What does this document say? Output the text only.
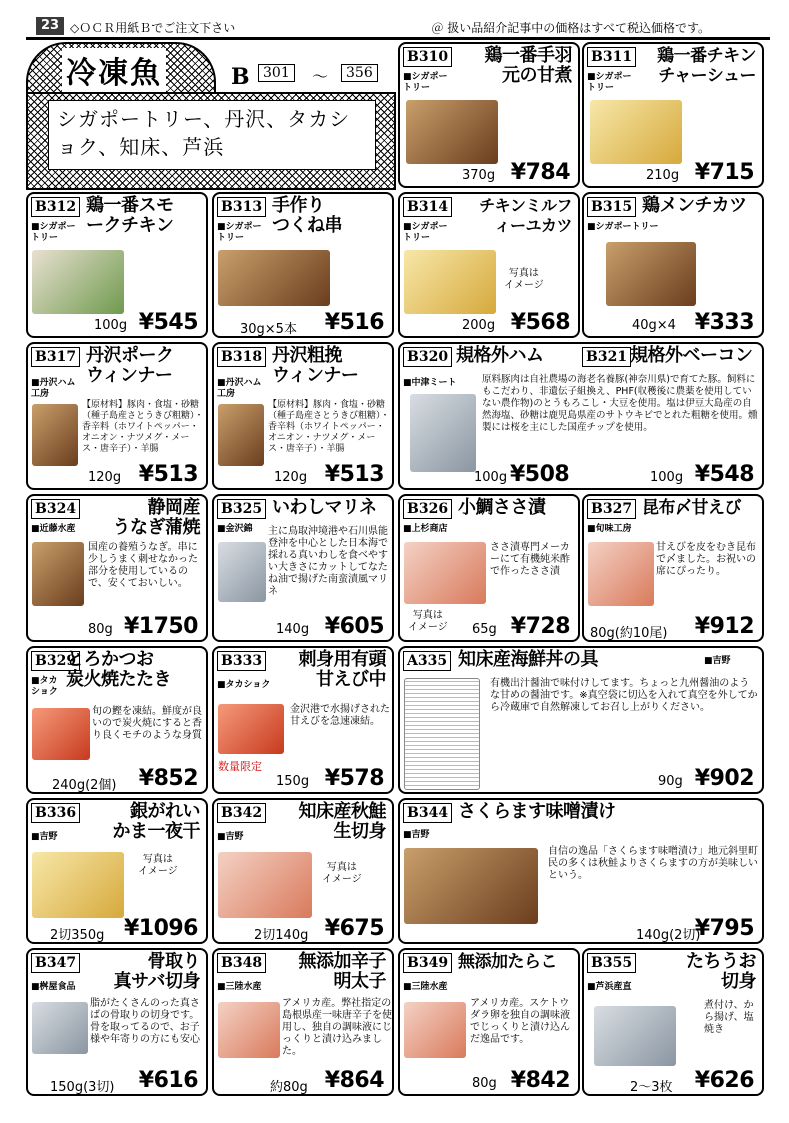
23 ◇ＯＣＲ用紙Ｂでご注文下さい	＠ 扱い品紹介記事中の価格はすべて税込価格です。
冷凍魚	B 301	～	356
シガポートリー、丹沢、タカショク、知床、芦浜
B310 鶏一番手羽
元の甘煮
■シガポー
トリー
370g ¥784
B311 鶏一番チキン
チャーシュー
■シガポー
トリー
210g ¥715
B312 鶏一番スモ
ークチキン
■シガポー
トリー
100g ¥545
B313 手作り
つくね串
■シガポー
トリー
30g×5本 ¥516
B314 チキンミルフ
ィーユカツ
■シガポー
トリー
写真は
イメージ
200g ¥568
B315 鶏メンチカツ
■シガポートリー
40g×4 ¥333
B317 丹沢ポーク
ウィンナー
■丹沢ハム
工房
【原材料】豚肉・食塩・砂糖（種子島産さとうきび粗糖）・香辛料（ホワイトペッパー・オニオン・ナツメグ・メース・唐辛子）・羊腸
120g ¥513
B318 丹沢粗挽
ウィンナー
■丹沢ハム
工房
【原材料】豚肉・食塩・砂糖（種子島産さとうきび粗糖）・香辛料（ホワイトペッパー・オニオン・ナツメグ・メース・唐辛子）・羊腸
120g ¥513
B320 規格外ハム	B321 規格外ベーコン
■中津ミート	原料豚肉は自社農場の海老名養豚(神奈川県)で育てた豚。飼料にもこだわり、非遺伝子組換え、PHF(収穫後に農薬を使用していない農作物)のとうもろこし・大豆を使用。塩は伊豆大島産の自然海塩、砂糖は鹿児島県産のサトウキビでとれた粗糖を使用。燻製には桜を主にした国産チップを使用。
100g ¥508	100g ¥548
B324	静岡産
うなぎ蒲焼
■近藤水産
国産の養殖うなぎ。串に少しうまく刺せなかった部分を使用しているので、安くておいしい。
80g ¥1750
B325 いわしマリネ
■金沢錦 主に鳥取沖境港や石川県能登沖を中心とした日本海で採れる真いわしを食べやすい大きさにカットしてなたね油で揚げた南蛮漬風マリネ
140g ¥605
B326 小鯛ささ漬
■上杉商店
ささ漬専門メーカーにて有機純米酢で作ったささ漬
写真は
イメージ 65g ¥728
B327 昆布〆甘えび
■旬味工房
甘えびを皮をむき昆布で〆ました。お祝いの席にぴったり。
80g(約10尾) ¥912
B329
とろかつお
炭火焼たたき
■タカ
ショク
旬の鰹を凍結。鮮度が良いので炭火焼にすると香り良くモチのような身質
240g(2個) ¥852
B333 刺身用有頭
甘えび中
■タカショク
金沢港で水揚げされた甘えびを急速凍結。
数量限定
150g ¥578
A335 知床産海鮮丼の具	■吉野
有機出汁醤油で味付けしてます。ちょっと九州醤油のような甘めの醤油です。※真空袋に切込を入れて真空を外してから冷蔵庫で自然解凍してお召し上がりください。
90g ¥902
B336	銀がれい
かま一夜干
■吉野
写真は
イメージ
2切350g ¥1096
B342 知床産秋鮭
生切身
■吉野
写真は
イメージ
2切140g ¥675
B344 さくらます味噌漬け
■吉野
自信の逸品「さくらます味噌漬け」地元斜里町民の多くは秋鮭よりさくらますの方が美味しいという。
140g(2切)
¥795
B347	骨取り
真サバ切身
■桝屋食品
脂がたくさんのった真さばの骨取りの切身です。骨を取ってるので、お子様や年寄りの方にも安心
150g(3切) ¥616
B348 無添加辛子
明太子
■三陸水産
アメリカ産。弊社指定の島根県産一味唐辛子を使用し、独自の調味液にじっくりと漬け込みました。
約80g ¥864
B349 無添加たらこ
■三陸水産
アメリカ産。スケトウダラ卵を独自の調味液でじっくりと漬け込んだ逸品です。
80g ¥842
B355	たちうお
切身
■芦浜産直
煮付け、から揚げ、塩焼き
2～3枚 ¥626
